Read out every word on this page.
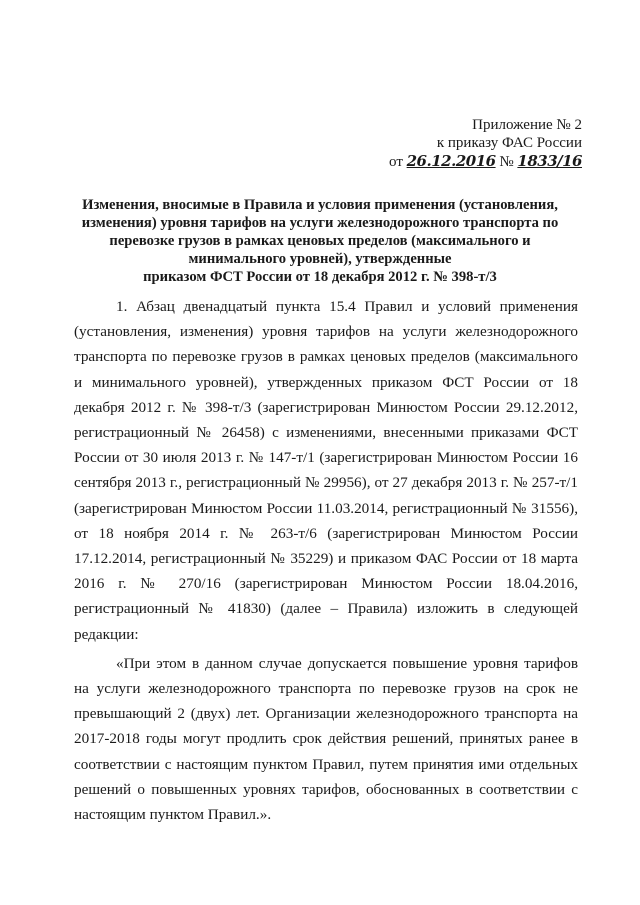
Приложение № 2
к приказу ФАС России
от 26.12.2016 № 1833/16
Изменения, вносимые в Правила и условия применения (установления,
изменения) уровня тарифов на услуги железнодорожного транспорта по
перевозке грузов в рамках ценовых пределов (максимального и
минимального уровней), утвержденные
приказом ФСТ России от 18 декабря 2012 г. № 398-т/3

1. Абзац двенадцатый пункта 15.4 Правил и условий применения (установления, изменения) уровня тарифов на услуги железнодорожного транспорта по перевозке грузов в рамках ценовых пределов (максимального и минимального уровней), утвержденных приказом ФСТ России от 18 декабря 2012 г. № 398-т/3 (зарегистрирован Минюстом России 29.12.2012, регистрационный № 26458) с изменениями, внесенными приказами ФСТ России от 30 июля 2013 г. № 147-т/1 (зарегистрирован Минюстом России 16 сентября 2013 г., регистрационный № 29956), от 27 декабря 2013 г. № 257-т/1 (зарегистрирован Минюстом России 11.03.2014, регистрационный № 31556), от 18 ноября 2014 г. № 263-т/6 (зарегистрирован Минюстом России 17.12.2014, регистрационный № 35229) и приказом ФАС России от 18 марта 2016 г. № 270/16 (зарегистрирован Минюстом России 18.04.2016, регистрационный № 41830) (далее – Правила) изложить в следующей редакции:

«При этом в данном случае допускается повышение уровня тарифов на услуги железнодорожного транспорта по перевозке грузов на срок не превышающий 2 (двух) лет. Организации железнодорожного транспорта на 2017-2018 годы могут продлить срок действия решений, принятых ранее в соответствии с настоящим пунктом Правил, путем принятия ими отдельных решений о повышенных уровнях тарифов, обоснованных в соответствии с настоящим пунктом Правил.».
